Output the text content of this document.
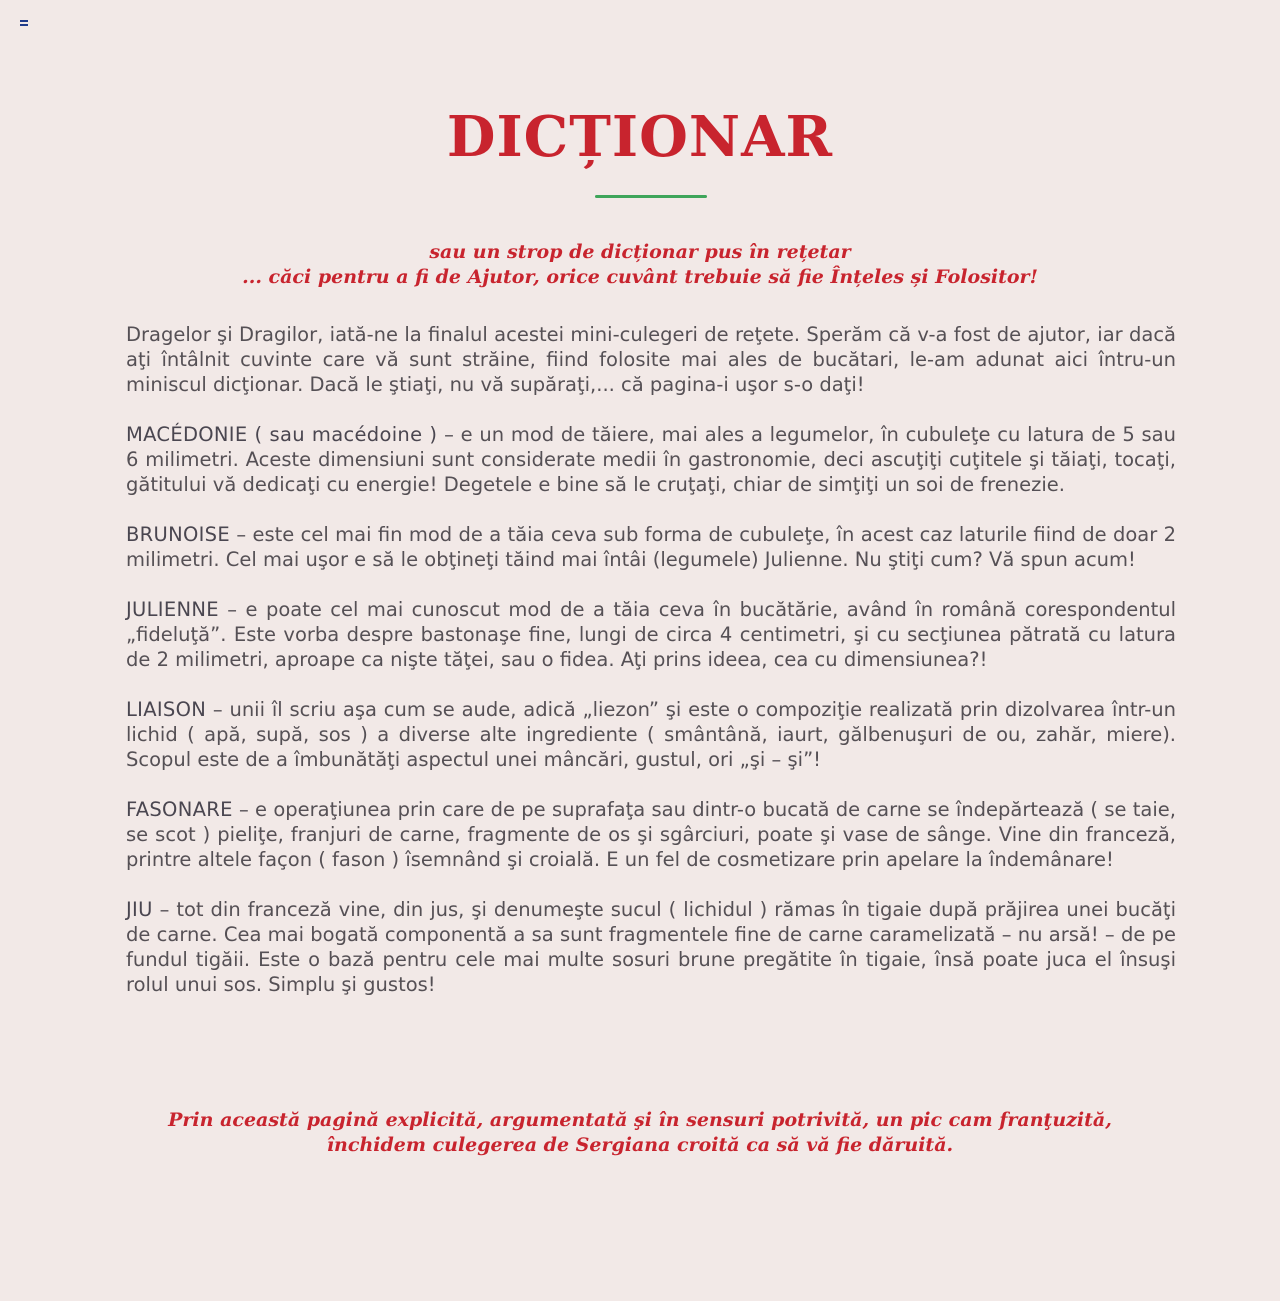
DICȚIONAR
sau un strop de dicționar pus în rețetar
... căci pentru a fi de Ajutor, orice cuvânt trebuie să fie Înțeles și Folositor!

Dragelor şi Dragilor, iată-ne la finalul acestei mini-culegeri de reţete. Sperăm că v-a fost de ajutor, iar dacă aţi întâlnit cuvinte care vă sunt străine, fiind folosite mai ales de bucătari, le-am adunat aici întru-un miniscul dicţionar. Dacă le ştiaţi, nu vă supăraţi,... că pagina-i uşor s-o daţi!

MACÉDONIE ( sau macédoine ) – e un mod de tăiere, mai ales a legumelor, în cubuleţe cu latura de 5 sau 6 milimetri. Aceste dimensiuni sunt considerate medii în gastronomie, deci ascuţiţi cuţitele şi tăiaţi, tocaţi, gătitului vă dedicaţi cu energie! Degetele e bine să le cruţaţi, chiar de simţiţi un soi de frenezie.

BRUNOISE – este cel mai fin mod de a tăia ceva sub forma de cubuleţe, în acest caz laturile fiind de doar 2 milimetri. Cel mai uşor e să le obţineţi tăind mai întâi (legumele) Julienne. Nu ştiţi cum? Vă spun acum!

JULIENNE – e poate cel mai cunoscut mod de a tăia ceva în bucătărie, având în română corespondentul „fideluţă”. Este vorba despre bastonaşe fine, lungi de circa 4 centimetri, şi cu secţiunea pătrată cu latura de 2 milimetri, aproape ca nişte tăţei, sau o fidea. Aţi prins ideea, cea cu dimensiunea?!

LIAISON – unii îl scriu aşa cum se aude, adică „liezon” şi este o compoziţie realizată prin dizolvarea într-un lichid ( apă, supă, sos ) a diverse alte ingrediente ( smântână, iaurt, gălbenuşuri de ou, zahăr, miere). Scopul este de a îmbunătăţi aspectul unei mâncări, gustul, ori „şi – şi”!

FASONARE – e operaţiunea prin care de pe suprafaţa sau dintr-o bucată de carne se îndepărtează ( se taie, se scot ) pieliţe, franjuri de carne, fragmente de os şi sgârciuri, poate şi vase de sânge. Vine din franceză, printre altele façon ( fason ) îsemnând şi croială. E un fel de cosmetizare prin apelare la îndemânare!

JIU – tot din franceză vine, din jus, şi denumeşte sucul ( lichidul ) rămas în tigaie după prăjirea unei bucăţi de carne. Cea mai bogată componentă a sa sunt fragmentele fine de carne caramelizată – nu arsă! – de pe fundul tigăii. Este o bază pentru cele mai multe sosuri brune pregătite în tigaie, însă poate juca el însuşi rolul unui sos. Simplu şi gustos!

Prin această pagină explicită, argumentată şi în sensuri potrivită, un pic cam franţuzită,
închidem culegerea de Sergiana croită ca să vă fie dăruită.
